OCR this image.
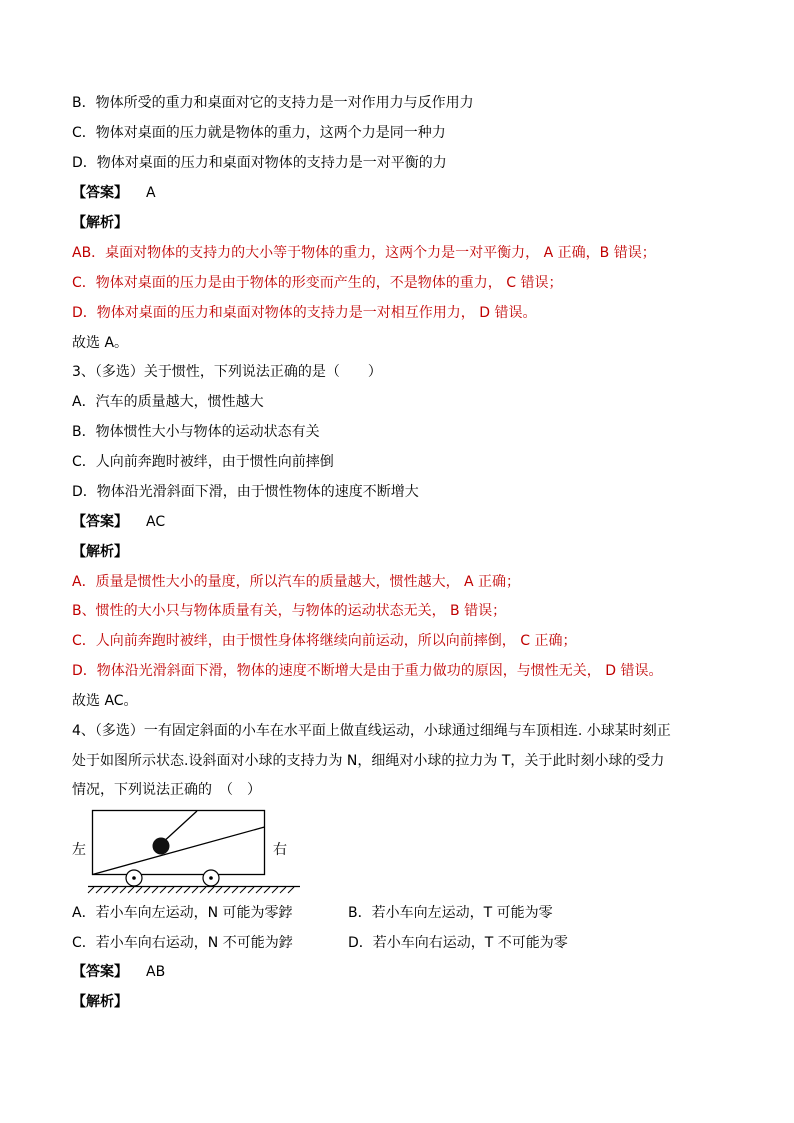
B．物体所受的重力和桌面对它的支持力是一对作用力与反作用力
C．物体对桌面的压力就是物体的重力，这两个力是同一种力
D．物体对桌面的压力和桌面对物体的支持力是一对平衡的力
【答案】 A
【解析】
AB．桌面对物体的支持力的大小等于物体的重力，这两个力是一对平衡力， A 正确，B 错误；
C．物体对桌面的压力是由于物体的形变而产生的，不是物体的重力， C 错误；
D．物体对桌面的压力和桌面对物体的支持力是一对相互作用力， D 错误。
故选 A。
3、（多选）关于惯性，下列说法正确的是（　　）
A．汽车的质量越大，惯性越大
B．物体惯性大小与物体的运动状态有关
C．人向前奔跑时被绊，由于惯性向前摔倒
D．物体沿光滑斜面下滑，由于惯性物体的速度不断增大
【答案】 AC
【解析】
A．质量是惯性大小的量度，所以汽车的质量越大，惯性越大， A 正确；
B、惯性的大小只与物体质量有关，与物体的运动状态无关， B 错误；
C．人向前奔跑时被绊，由于惯性身体将继续向前运动，所以向前摔倒， C 正确；
D．物体沿光滑斜面下滑，物体的速度不断增大是由于重力做功的原因，与惯性无关， D 错误。
故选 AC。
4、（多选）一有固定斜面的小车在水平面上做直线运动，小球通过细绳与车顶相连. 小球某时刻正
处于如图所示状态.设斜面对小球的支持力为 N，细绳对小球的拉力为 T，关于此时刻小球的受力
情况，下列说法正确的　（　）
左	右
A．若小车向左运动，N 可能为零鋍	B．若小车向左运动，T 可能为零
C．若小车向右运动，N 不可能为鋍	D．若小车向右运动，T 不可能为零
【答案】 AB
【解析】
